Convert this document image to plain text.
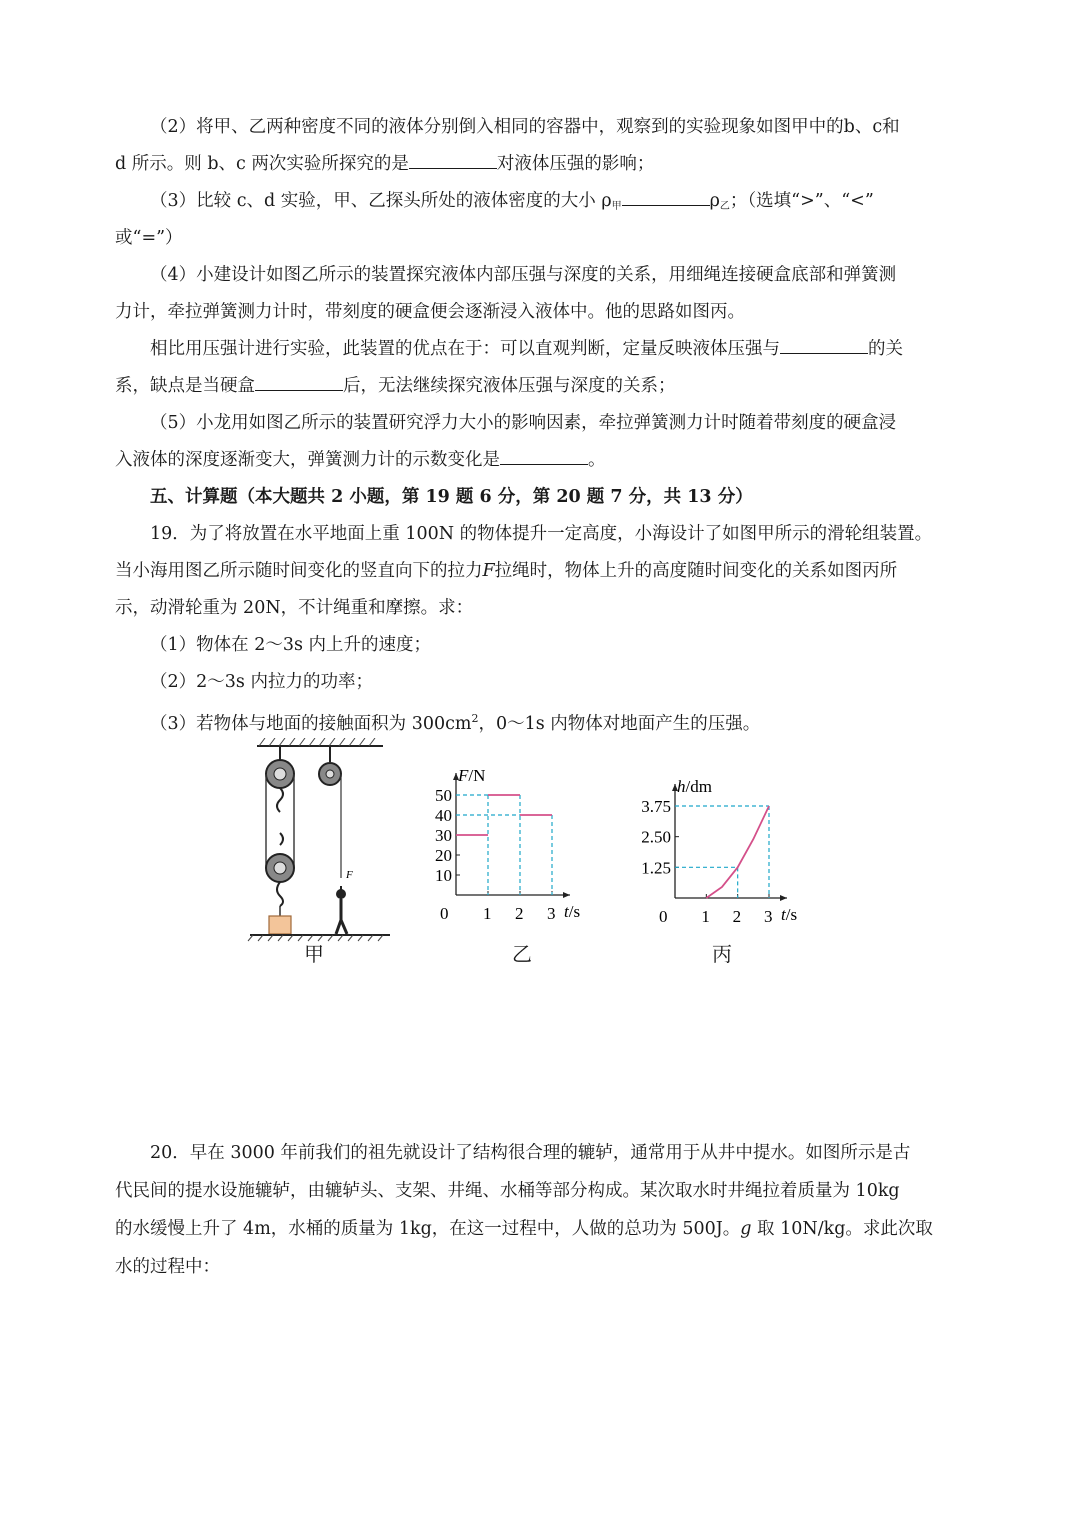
（2）将甲、乙两种密度不同的液体分别倒入相同的容器中，观察到的实验现象如图甲中的b、c和
d 所示。则 b、c 两次实验所探究的是	对液体压强的影响；
（3）比较 c、d 实验，甲、乙探头所处的液体密度的大小 $\rho_甲$	$\rho_乙$；（选填“>”、“<”
或“=”）
（4）小建设计如图乙所示的装置探究液体内部压强与深度的关系，用细绳连接硬盒底部和弹簧测
力计，牵拉弹簧测力计时，带刻度的硬盒便会逐渐浸入液体中。他的思路如图丙。
相比用压强计进行实验，此装置的优点在于：可以直观判断，定量反映液体压强与	的关
系，缺点是当硬盒	后，无法继续探究液体压强与深度的关系；
（5）小龙用如图乙所示的装置研究浮力大小的影响因素，牵拉弹簧测力计时随着带刻度的硬盒浸
入液体的深度逐渐变大，弹簧测力计的示数变化是	。
五、计算题（本大题共 2 小题，第 19 题 6 分，第 20 题 7 分，共 13 分）
19．为了将放置在水平地面上重 100N 的物体提升一定高度，小海设计了如图甲所示的滑轮组装置。
当小海用图乙所示随时间变化的竖直向下的拉力F拉绳时，物体上升的高度随时间变化的关系如图丙所
示，动滑轮重为 20N，不计绳重和摩擦。求：
（1）物体在 2～3s 内上升的速度；
（2）2～3s 内拉力的功率；
（3）若物体与地面的接触面积为 $300cm^2$，0～1s 内物体对地面产生的压强。
F
甲
F/N
t/s
0 1 2 3
10
20
30
40
50
乙
h/dm
t/s
0 1 2 3
1.25
2.50
3.75
丙
20．早在 3000 年前我们的祖先就设计了结构很合理的辘轳，通常用于从井中提水。如图所示是古
代民间的提水设施辘轳，由辘轳头、支架、井绳、水桶等部分构成。某次取水时井绳拉着质量为 10kg
的水缓慢上升了 4m，水桶的质量为 1kg，在这一过程中，人做的总功为 500J。g 取 10N/kg。求此次取
水的过程中：
